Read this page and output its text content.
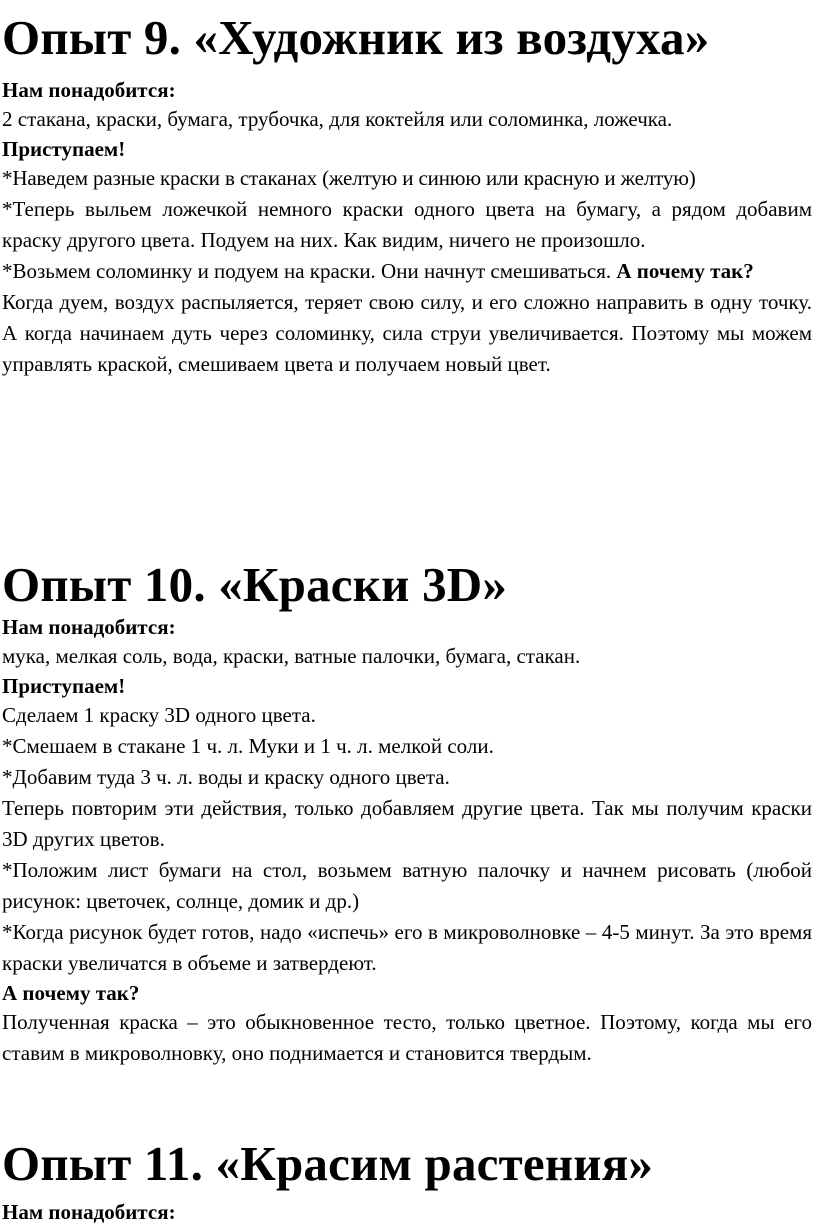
Опыт 9. «Художник из воздуха»
Нам понадобится:

2 стакана, краски, бумага, трубочка, для коктейля или соломинка, ложечка.

Приступаем!

*Наведем разные краски в стаканах (желтую и синюю или красную и желтую)

*Теперь выльем ложечкой немного краски одного цвета на бумагу, а рядом добавим краску другого цвета. Подуем на них. Как видим, ничего не произошло.

*Возьмем соломинку и подуем на краски. Они начнут смешиваться. А почему так?

Когда дуем, воздух распыляется, теряет свою силу, и его сложно направить в одну точку. А когда начинаем дуть через соломинку, сила струи увеличивается. Поэтому мы можем управлять краской, смешиваем цвета и получаем новый цвет.

Опыт 10. «Краски 3D»
Нам понадобится:

мука, мелкая соль, вода, краски, ватные палочки, бумага, стакан.

Приступаем!

Сделаем 1 краску 3D одного цвета.

*Смешаем в стакане 1 ч. л. Муки и 1 ч. л. мелкой соли.

*Добавим туда 3 ч. л. воды и краску одного цвета.

Теперь повторим эти действия, только добавляем другие цвета. Так мы получим краски 3D других цветов.

*Положим лист бумаги на стол, возьмем ватную палочку и начнем рисовать (любой рисунок: цветочек, солнце, домик и др.)

*Когда рисунок будет готов, надо «испечь» его в микроволновке – 4-5 минут. За это время краски увеличатся в объеме и затвердеют.

А почему так?

Полученная краска – это обыкновенное тесто, только цветное. Поэтому, когда мы его ставим в микроволновку, оно поднимается и становится твердым.

Опыт 11. «Красим растения»
Нам понадобится:
